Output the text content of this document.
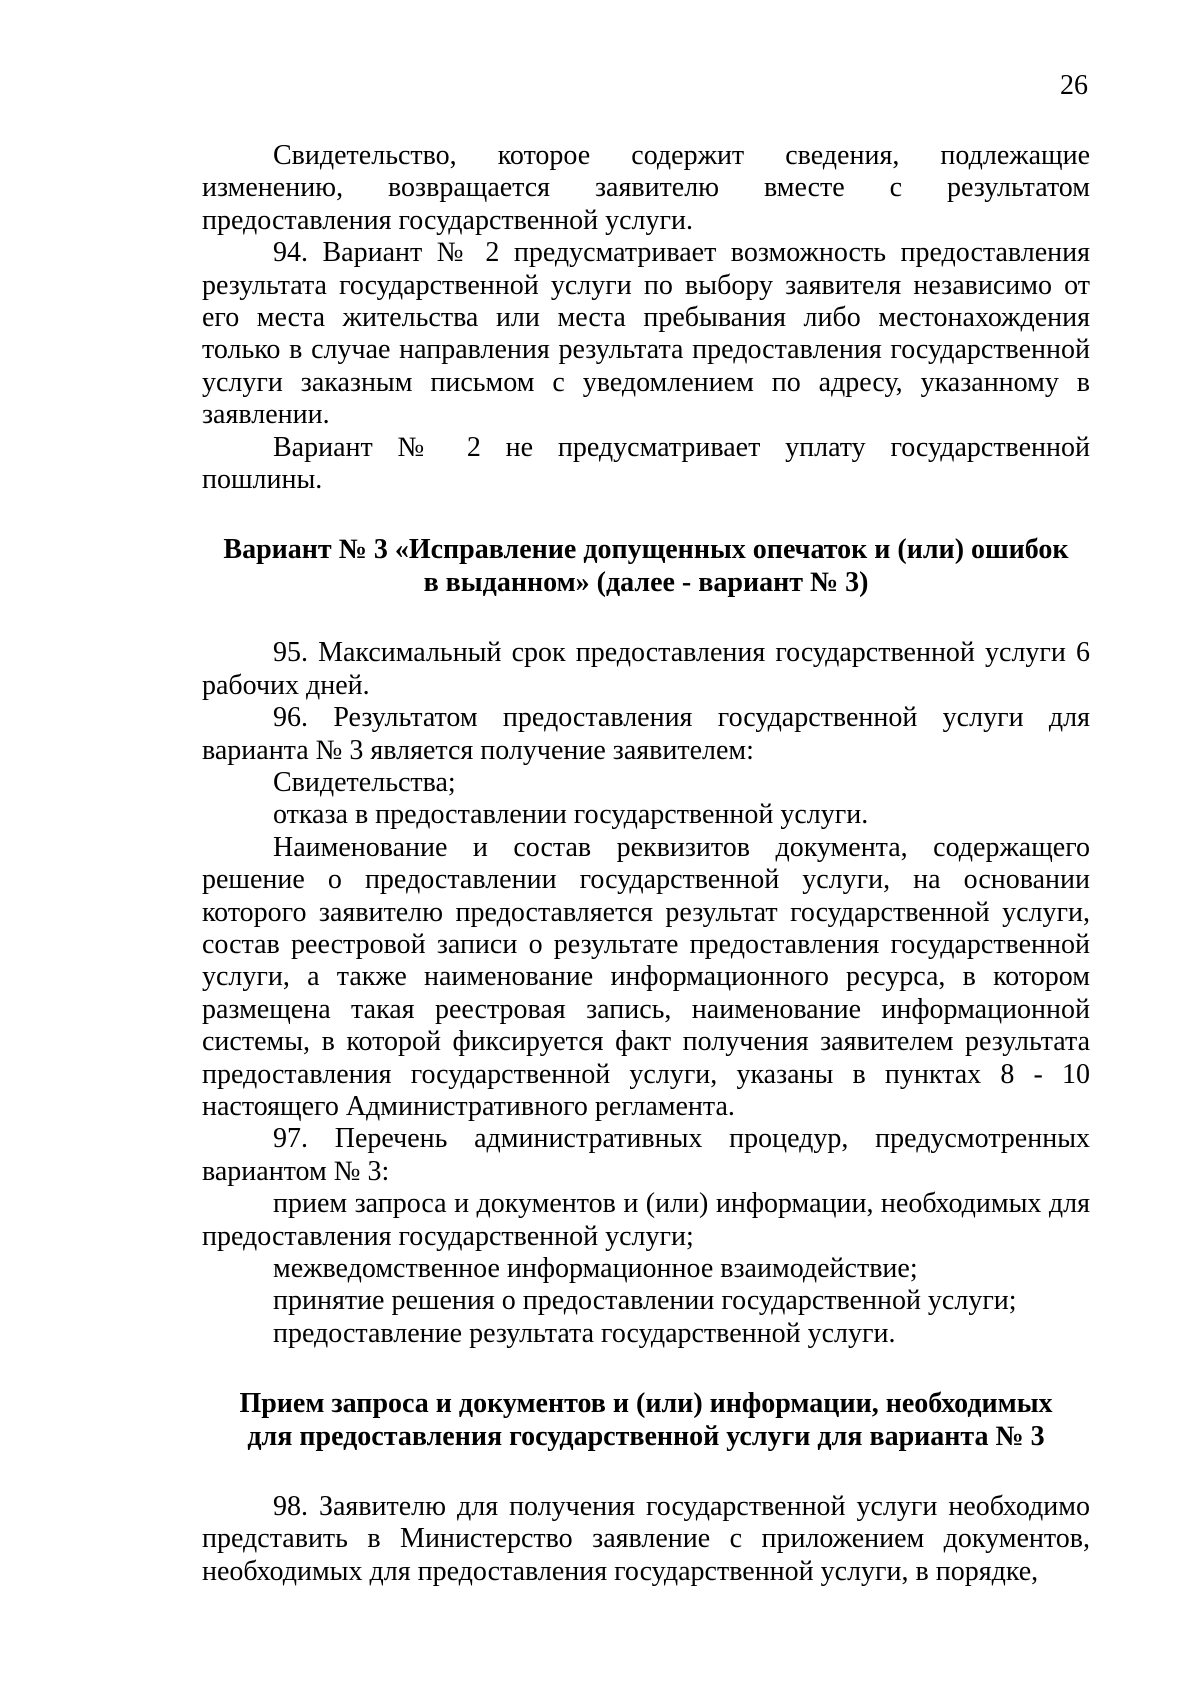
26

Свидетельство, которое содержит сведения, подлежащие изменению, возвращается заявителю вместе с результатом предоставления государственной услуги.

94. Вариант № 2 предусматривает возможность предоставления результата государственной услуги по выбору заявителя независимо от его места жительства или места пребывания либо местонахождения только в случае направления результата предоставления государственной услуги заказным письмом с уведомлением по адресу, указанному в заявлении.

Вариант № 2 не предусматривает уплату государственной пошлины.

Вариант № 3 «Исправление допущенных опечаток и (или) ошибок
в выданном» (далее - вариант № 3)

95. Максимальный срок предоставления государственной услуги 6 рабочих дней.

96. Результатом предоставления государственной услуги для варианта № 3 является получение заявителем:

Свидетельства;

отказа в предоставлении государственной услуги.

Наименование и состав реквизитов документа, содержащего решение о предоставлении государственной услуги, на основании которого заявителю предоставляется результат государственной услуги, состав реестровой записи о результате предоставления государственной услуги, а также наименование информационного ресурса, в котором размещена такая реестровая запись, наименование информационной системы, в которой фиксируется факт получения заявителем результата предоставления государственной услуги, указаны в пунктах 8 - 10 настоящего Административного регламента.

97. Перечень административных процедур, предусмотренных вариантом № 3:

прием запроса и документов и (или) информации, необходимых для предоставления государственной услуги;

межведомственное информационное взаимодействие;

принятие решения о предоставлении государственной услуги;

предоставление результата государственной услуги.

Прием запроса и документов и (или) информации, необходимых
для предоставления государственной услуги для варианта № 3

98. Заявителю для получения государственной услуги необходимо представить в Министерство заявление с приложением документов, необходимых для предоставления государственной услуги, в порядке,
